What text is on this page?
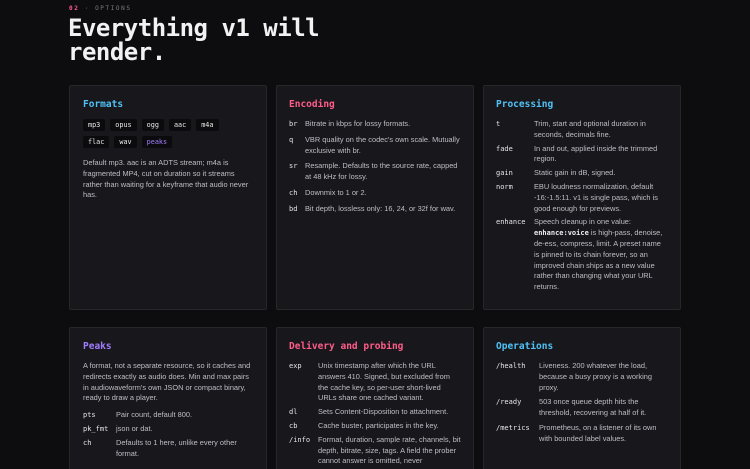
02 · OPTIONS
Everything v1 will
render.
Formats
mp3	opus	ogg	aac	m4a
flac	wav	peaks
Default mp3. aac is an ADTS stream; m4a is fragmented MP4, cut on duration so it streams rather than waiting for a keyframe that audio never has.
Encoding
br	Bitrate in kbps for lossy formats.
q	VBR quality on the codec's own scale. Mutually exclusive with br.
sr	Resample. Defaults to the source rate, capped at 48 kHz for lossy.
ch	Downmix to 1 or 2.
bd	Bit depth, lossless only: 16, 24, or 32f for wav.
Processing
t	Trim, start and optional duration in seconds, decimals fine.
fade	In and out, applied inside the trimmed region.
gain	Static gain in dB, signed.
norm	EBU loudness normalization, default -16:-1.5:11. v1 is single pass, which is good enough for previews.
enhance	Speech cleanup in one value: enhance:voice is high-pass, denoise, de-ess, compress, limit. A preset name is pinned to its chain forever, so an improved chain ships as a new value rather than changing what your URL returns.
Peaks
A format, not a separate resource, so it caches and redirects exactly as audio does. Min and max pairs in audiowaveform's own JSON or compact binary, ready to draw a player.
pts	Pair count, default 800.
pk_fmt	json or dat.
ch	Defaults to 1 here, unlike every other format.
Delivery and probing
exp	Unix timestamp after which the URL answers 410. Signed, but excluded from the cache key, so per-user short-lived URLs share one cached variant.
dl	Sets Content-Disposition to attachment.
cb	Cache buster, participates in the key.
/info	Format, duration, sample rate, channels, bit depth, bitrate, size, tags. A field the prober cannot answer is omitted, never
Operations
/health	Liveness. 200 whatever the load, because a busy proxy is a working proxy.
/ready	503 once queue depth hits the threshold, recovering at half of it.
/metrics	Prometheus, on a listener of its own with bounded label values.
